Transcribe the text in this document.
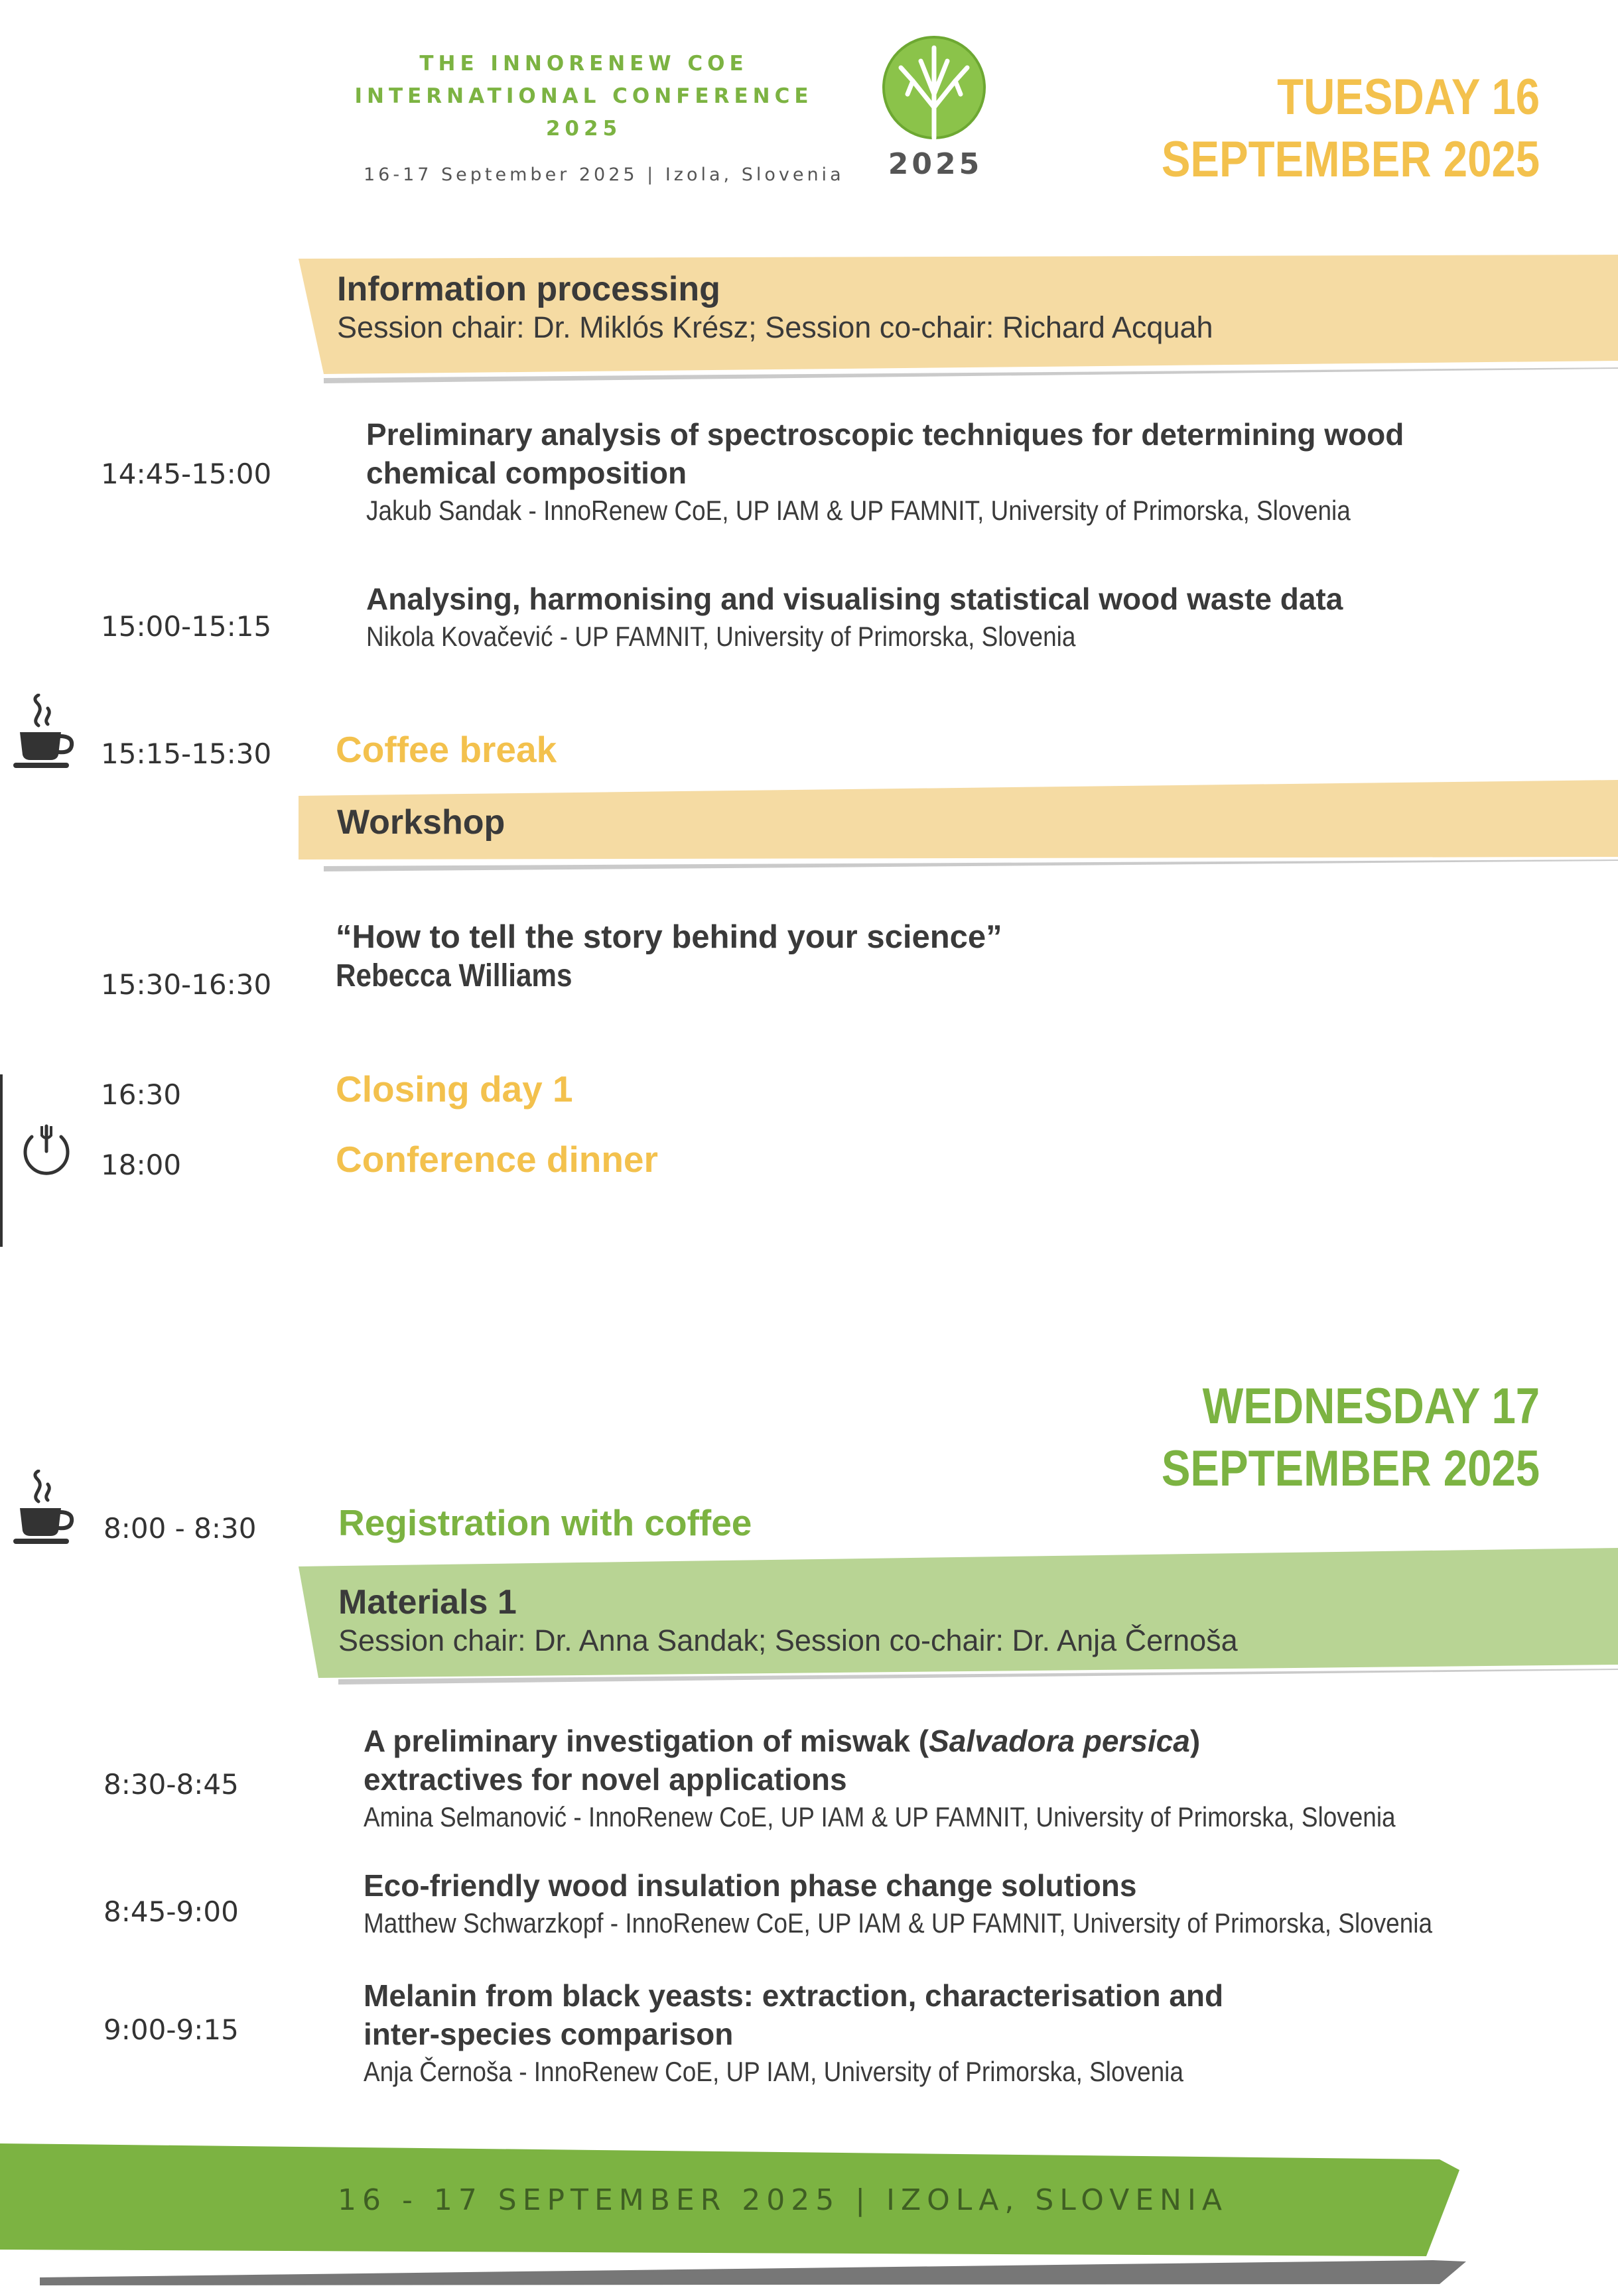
THE INNORENEW COE
INTERNATIONAL CONFERENCE
2025
16-17 September 2025 | Izola, Slovenia 2025
TUESDAY 16
SEPTEMBER 2025
Information processing
Session chair: Dr. Miklós Krész; Session co-chair: Richard Acquah
14:45-15:00
Preliminary analysis of spectroscopic techniques for determining wood
chemical composition
Jakub Sandak - InnoRenew CoE, UP IAM & UP FAMNIT, University of Primorska, Slovenia
15:00-15:15
Analysing, harmonising and visualising statistical wood waste data
Nikola Kovačević - UP FAMNIT, University of Primorska, Slovenia
15:15-15:30 Coffee break
Workshop
15:30-16:30
“How to tell the story behind your science”
Rebecca Williams
16:30	Closing day 1
18:00	Conference dinner
WEDNESDAY 17
SEPTEMBER 2025
8:00 - 8:30 Registration with coffee
Materials 1
Session chair: Dr. Anna Sandak; Session co-chair: Dr. Anja Černoša
8:30-8:45
A preliminary investigation of miswak (Salvadora persica)
extractives for novel applications
Amina Selmanović - InnoRenew CoE, UP IAM & UP FAMNIT, University of Primorska, Slovenia
8:45-9:00
Eco-friendly wood insulation phase change solutions
Matthew Schwarzkopf - InnoRenew CoE, UP IAM & UP FAMNIT, University of Primorska, Slovenia
9:00-9:15
Melanin from black yeasts: extraction, characterisation and
inter-species comparison
Anja Černoša - InnoRenew CoE, UP IAM, University of Primorska, Slovenia
16 - 17 SEPTEMBER 2025 | IZOLA, SLOVENIA
